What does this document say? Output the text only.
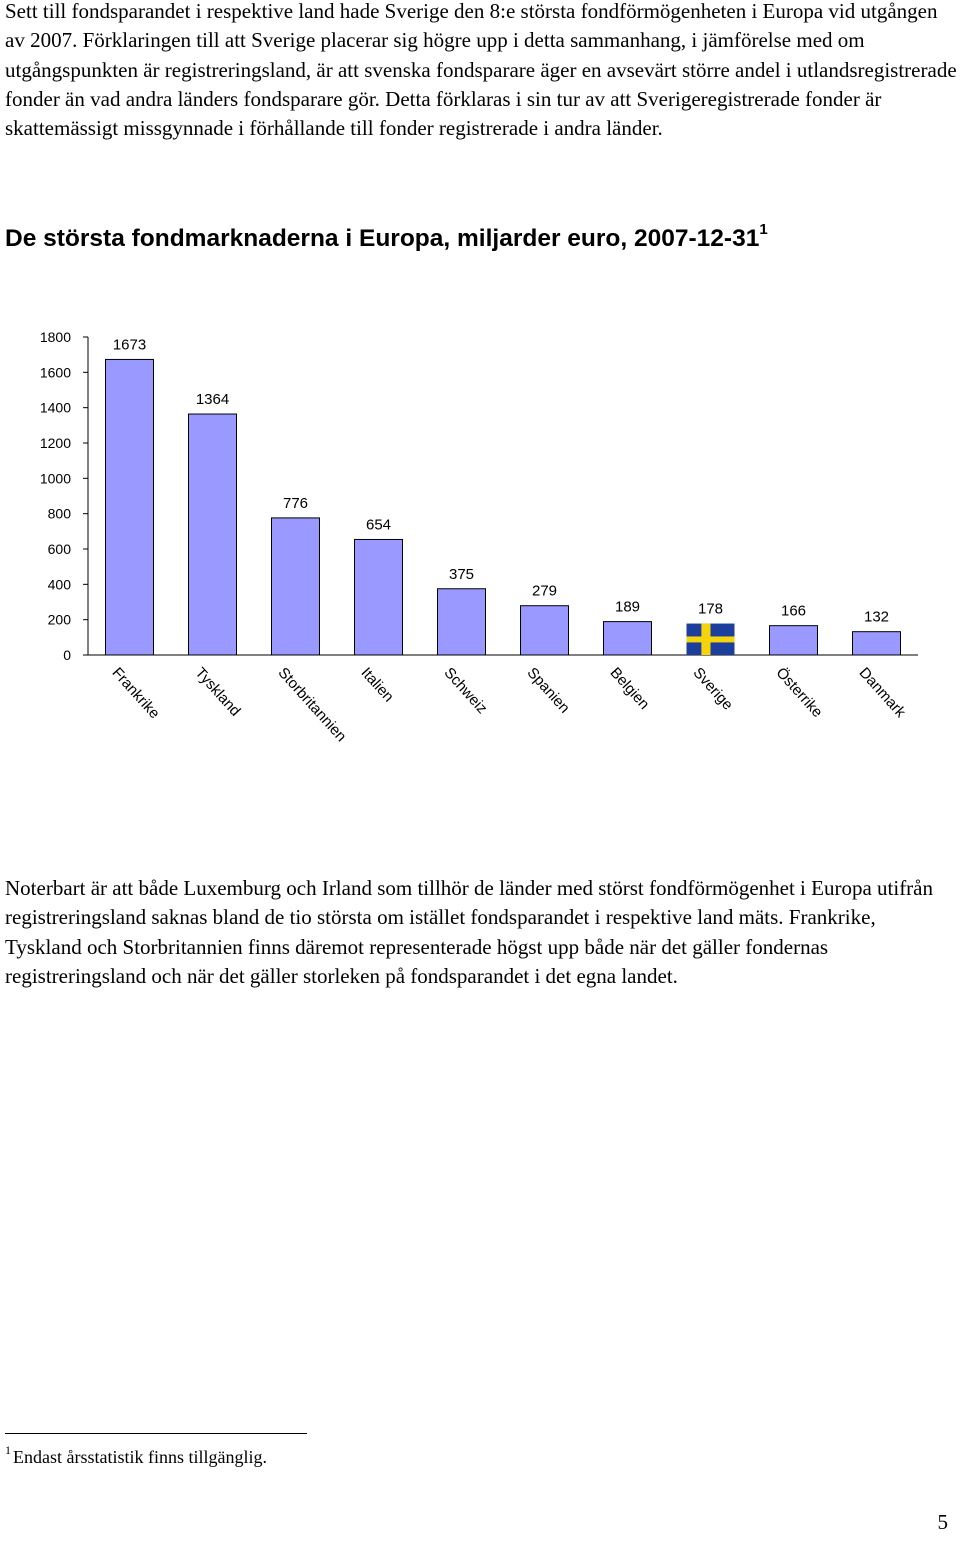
Sett till fondsparandet i respektive land hade Sverige den 8:e största fondförmögenheten i Europa vid utgången av 2007. Förklaringen till att Sverige placerar sig högre upp i detta sammanhang, i jämförelse med om utgångspunkten är registreringsland, är att svenska fondsparare äger en avsevärt större andel i utlandsregistrerade fonder än vad andra länders fondsparare gör. Detta förklaras i sin tur av att Sverigeregistrerade fonder är skattemässigt missgynnade i förhållande till fonder registrerade i andra länder.

De största fondmarknaderna i Europa, miljarder euro, $2007-12-31^1$
0
200
400
600
800
1000
1200
1400
1600
1800	1673
Frankrike
1364
Tyskland
776
Storbritannien
654
Italien
375
Schweiz
279
Spanien
189
Belgien
178
Sverige
166
Österrike
132
Danmark

Noterbart är att både Luxemburg och Irland som tillhör de länder med störst fondförmögenhet i Europa utifrån registreringsland saknas bland de tio största om istället fondsparandet i respektive land mäts. Frankrike, Tyskland och Storbritannien finns däremot representerade högst upp både när det gäller fondernas registreringsland och när det gäller storleken på fondsparandet i det egna landet.

$^1$ Endast årsstatistik finns tillgänglig.

5
